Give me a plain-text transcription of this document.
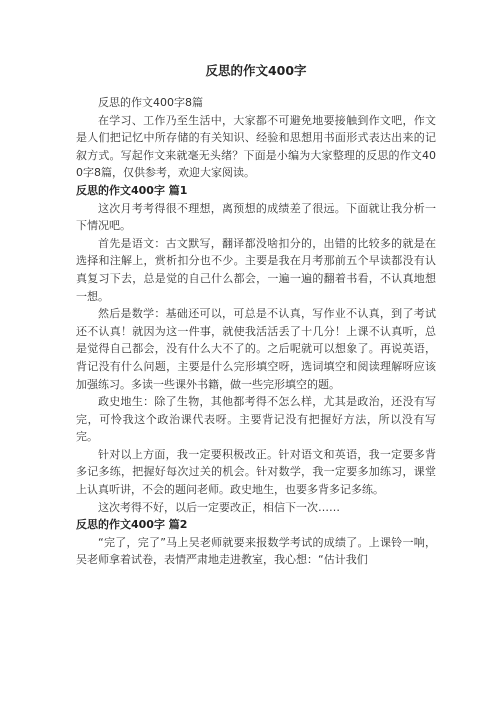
反思的作文400字

反思的作文400字8篇

在学习、工作乃至生活中，大家都不可避免地要接触到作文吧，作文是人们把记忆中所存储的有关知识、经验和思想用书面形式表达出来的记叙方式。写起作文来就毫无头绪？下面是小编为大家整理的反思的作文400字8篇，仅供参考，欢迎大家阅读。

反思的作文400字 篇1

这次月考考得很不理想，离预想的成绩差了很远。下面就让我分析一下情况吧。

首先是语文：古文默写，翻译都没啥扣分的，出错的比较多的就是在选择和注解上，赏析扣分也不少。主要是我在月考那前五个早读都没有认真复习下去，总是觉的自己什么都会，一遍一遍的翻着书看，不认真地想一想。

然后是数学：基础还可以，可总是不认真，写作业不认真，到了考试还不认真！就因为这一件事，就使我活活丢了十几分！上课不认真听，总是觉得自己都会，没有什么大不了的。之后呢就可以想象了。再说英语，背记没有什么问题，主要是什么完形填空呀，选词填空和阅读理解呀应该加强练习。多读一些课外书籍，做一些完形填空的题。

政史地生：除了生物，其他都考得不怎么样，尤其是政治，还没有写完，可怜我这个政治课代表呀。主要背记没有把握好方法，所以没有写完。

针对以上方面，我一定要积极改正。针对语文和英语，我一定要多背多记多练，把握好每次过关的机会。针对数学，我一定要多加练习，课堂上认真听讲，不会的题问老师。政史地生，也要多背多记多练。

这次考得不好，以后一定要改正，相信下一次……

反思的作文400字 篇2

“完了，完了”马上吴老师就要来报数学考试的成绩了。上课铃一响，吴老师拿着试卷，表情严肃地走进教室，我心想：“估计我们
